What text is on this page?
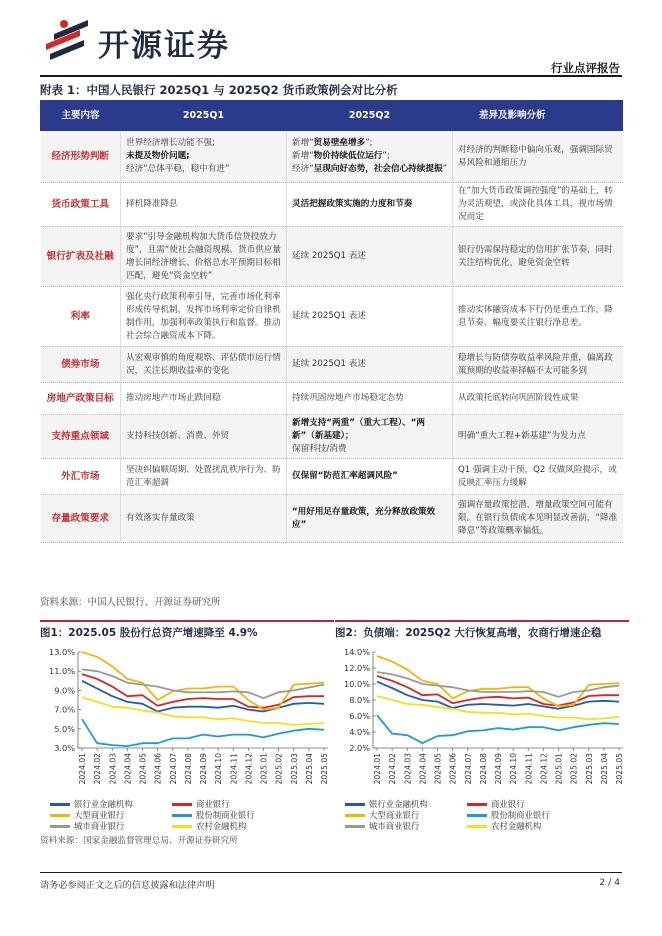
开源证券
行业点评报告
附表 1：中国人民银行 2025Q1 与 2025Q2 货币政策例会对比分析
主要内容	2025Q1	2025Q2	差异及影响分析
经济形势判断	世界经济增长动能不强;
未提及物价问题;
经济“总体平稳，稳中有进”	新增“贸易壁垒增多”;
新增“物价持续低位运行”;
经济“呈现向好态势，社会信心持续提振”	对经济的判断稳中偏向乐观，强调国际贸易风险和通缩压力
货币政策工具	择机降准降息	灵活把握政策实施的力度和节奏	在“加大货币政策调控强度”的基础上，转为灵活观望，或淡化具体工具，视市场情况而定
银行扩表及社融	要求“引导金融机构加大货币信贷投放力度”，且需“使社会融资规模、货币供应量增长同经济增长、价格总水平预期目标相匹配，避免“资金空转”	延续 2025Q1 表述	银行仍需保持稳定的信用扩张节奏，同时关注结构优化，避免资金空转
利率	强化央行政策利率引导，完善市场化利率形成传导机制，发挥市场利率定价自律机制作用，加强利率政策执行和监督。推动社会综合融资成本下降。	延续 2025Q1 表述	推动实体融资成本下行仍是重点工作，降息节奏、幅度要关注银行净息差。
债券市场	从宏观审慎的角度观察、评估债市运行情况，关注长期收益率的变化	延续 2025Q1 表述	稳增长与防债券收益率风险并重，偏离政策预期的收益率择幅不太可能多到
房地产政策目标	推动房地产市场止跌回稳	持续巩固房地产市场稳定态势	从政策托底转向巩固阶段性成果
支持重点领域	支持科技创新、消费、外贸	新增支持“两重”（重大工程）、“两新”（新基建）；
保留科技/消费	明确“重大工程+新基建”为发力点
外汇市场	坚决纠偏顺周期、处置扰乱秩序行为、防范汇率超调	仅保留“防范汇率超调风险”	Q1 强调主动干预，Q2 仅做风险提示，或反映汇率压力缓解
存量政策要求	有效落实存量政策	“用好用足存量政策，充分释放政策效应”	强调存量政策挖潜，增量政策空间可能有限。在银行负债成本见明显改善前，“降准降息”等政策概率偏低。
资料来源：中国人民银行、开源证券研究所
图1：2025.05 股份行总资产增速降至 4.9%
3.0%
5.0%
7.0%
9.0%
11.0%
13.0%
2024.01 2024.02 2024.03 2024.04 2024.05 2024.06 2024.07 2024.08 2024.09 2024.10 2024.11 2024.12 2025.01 2025.02 2025.03 2025.04 2025.05
银行业金融机构	商业银行
大型商业银行	股份制商业银行
城市商业银行	农村金融机构
图2：负债端：2025Q2 大行恢复高增，农商行增速企稳
2.0%
4.0%
6.0%
8.0%
10.0%
12.0%
14.0%
2024.01 2024.02 2024.03 2024.04 2024.05 2024.06 2024.07 2024.08 2024.09 2024.10 2024.11 2024.12 2025.01 2025.02 2025.03 2025.04 2025.05
银行业金融机构	商业银行
大型商业银行	股份制商业银行
城市商业银行	农村金融机构
资料来源：国家金融监督管理总局、开源证券研究所
请务必参阅正文之后的信息披露和法律声明	2 / 4
